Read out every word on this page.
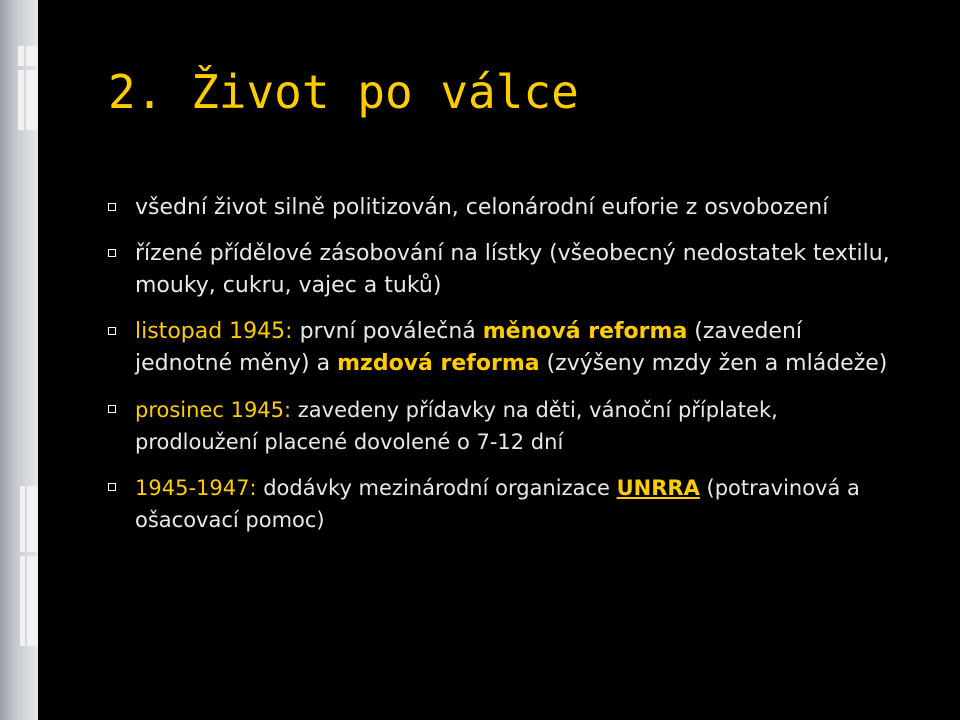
2. Život po válce
všední život silně politizován, celonárodní euforie z osvobození
řízené přídělové zásobování na lístky (všeobecný nedostatek textilu, mouky, cukru, vajec a tuků)
listopad 1945: první poválečná měnová reforma (zavedení jednotné měny) a mzdová reforma (zvýšeny mzdy žen a mládeže)
prosinec 1945: zavedeny přídavky na děti, vánoční příplatek, prodloužení placené dovolené o 7-12 dní
1945-1947: dodávky mezinárodní organizace UNRRA (potravinová a ošacovací pomoc)
